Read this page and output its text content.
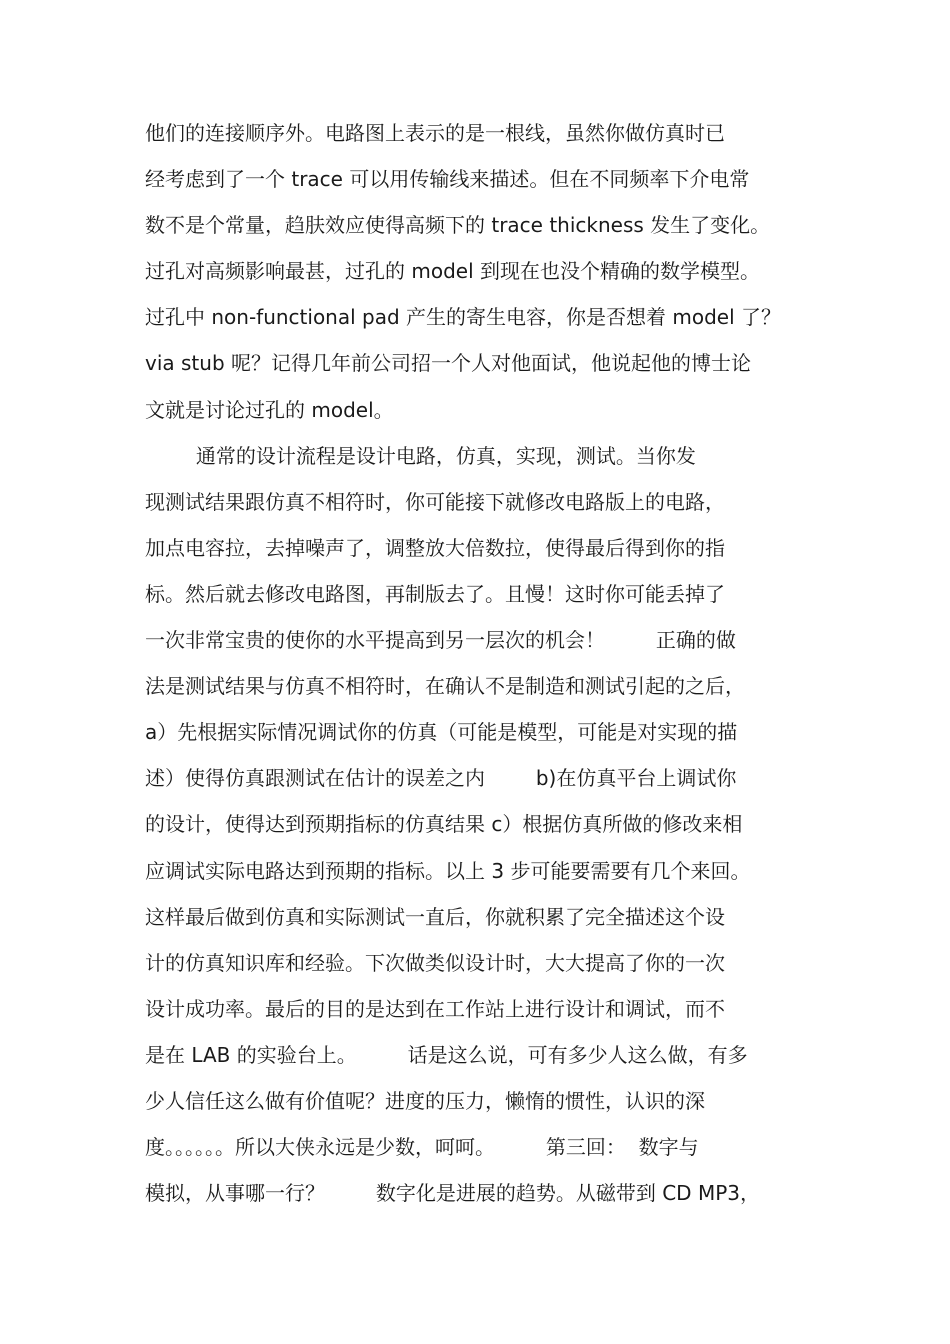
他们的连接顺序外。电路图上表示的是一根线，虽然你做仿真时已
经考虑到了一个 trace 可以用传输线来描述。但在不同频率下介电常
数不是个常量，趋肤效应使得高频下的 trace thickness 发生了变化。
过孔对高频影响最甚，过孔的 model 到现在也没个精确的数学模型。
过孔中 non-functional pad 产生的寄生电容，你是否想着 model 了？
via stub 呢？记得几年前公司招一个人对他面试，他说起他的博士论
文就是讨论过孔的 model。
通常的设计流程是设计电路，仿真，实现，测试。当你发
现测试结果跟仿真不相符时，你可能接下就修改电路版上的电路，
加点电容拉，去掉噪声了，调整放大倍数拉，使得最后得到你的指
标。然后就去修改电路图，再制版去了。且慢！这时你可能丢掉了
一次非常宝贵的使你的水平提高到另一层次的机会！        正确的做
法是测试结果与仿真不相符时，在确认不是制造和测试引起的之后，
a）先根据实际情况调试你的仿真（可能是模型，可能是对实现的描
述）使得仿真跟测试在估计的误差之内        b)在仿真平台上调试你
的设计，使得达到预期指标的仿真结果 c）根据仿真所做的修改来相
应调试实际电路达到预期的指标。以上 3 步可能要需要有几个来回。
这样最后做到仿真和实际测试一直后，你就积累了完全描述这个设
计的仿真知识库和经验。下次做类似设计时，大大提高了你的一次
设计成功率。最后的目的是达到在工作站上进行设计和调试，而不
是在 LAB 的实验台上。        话是这么说，可有多少人这么做，有多
少人信任这么做有价值呢？进度的压力，懒惰的惯性，认识的深
度。。。。。。所以大侠永远是少数，呵呵。        第三回：  数字与
模拟，从事哪一行？        数字化是进展的趋势。从磁带到 CD MP3，
